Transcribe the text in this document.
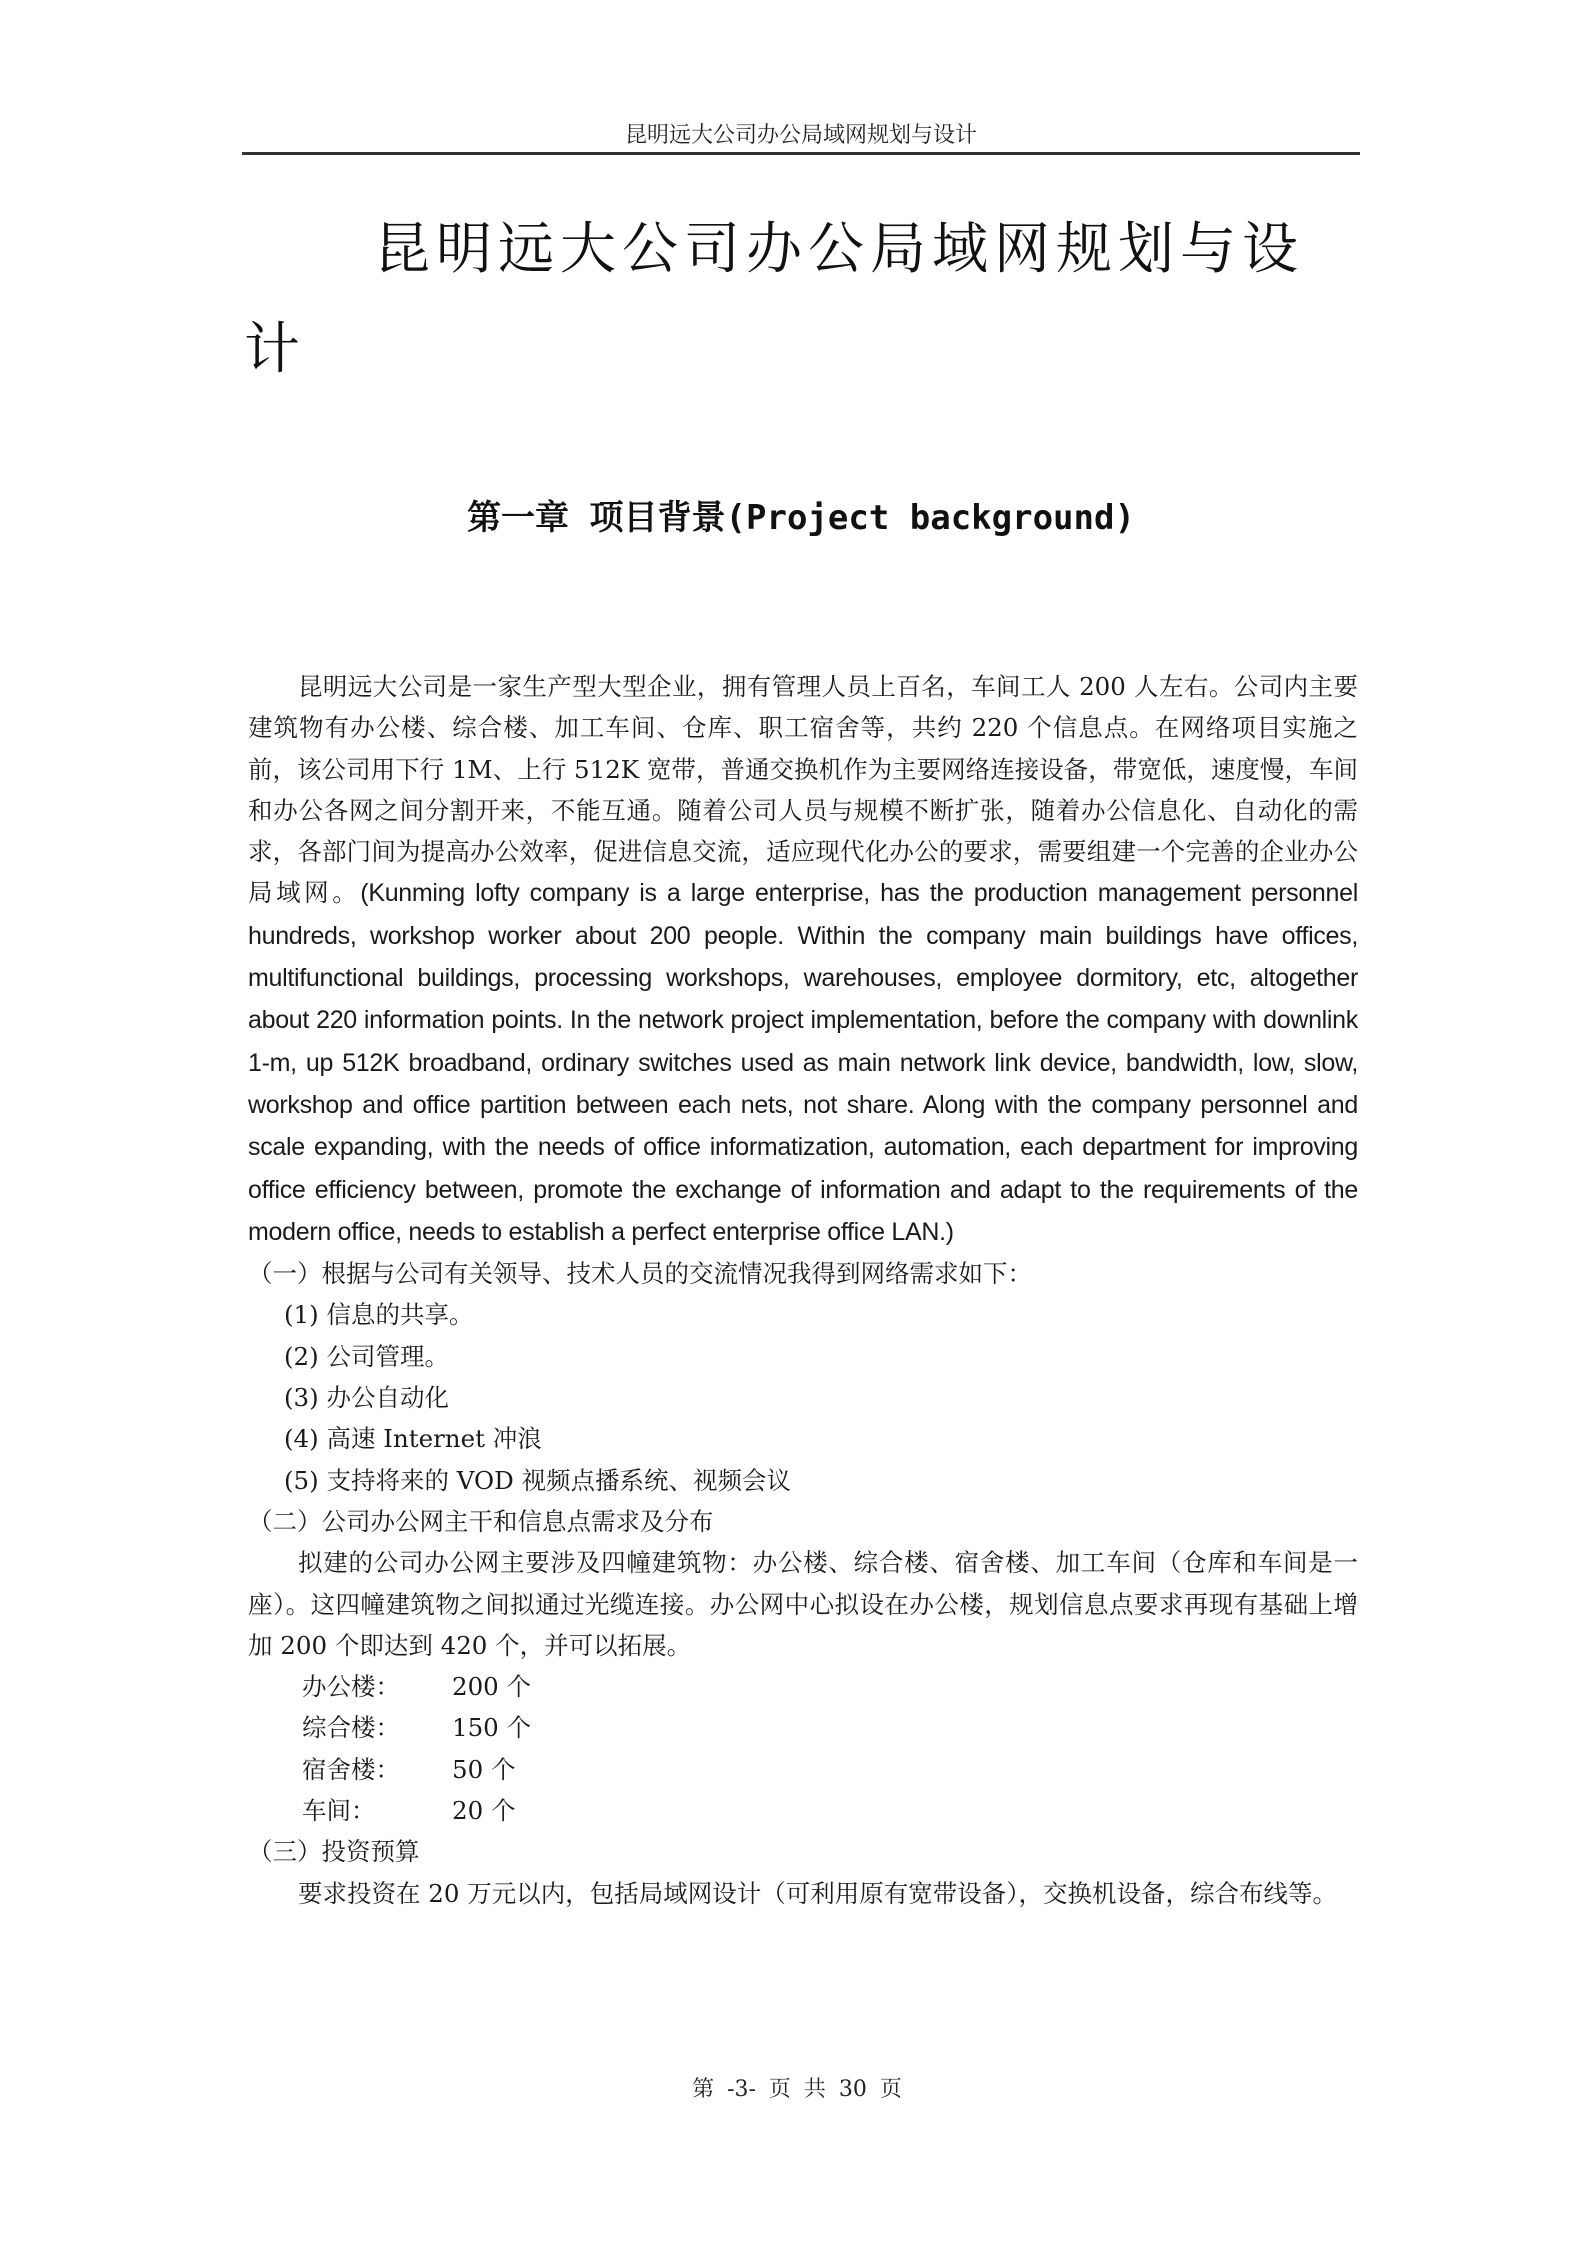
昆明远大公司办公局域网规划与设计
昆明远大公司办公局域网规划与设计
第一章 项目背景(Project background)

昆明远大公司是一家生产型大型企业，拥有管理人员上百名，车间工人 200 人左右。公司内主要建筑物有办公楼、综合楼、加工车间、仓库、职工宿舍等，共约 220 个信息点。在网络项目实施之前，该公司用下行 1M、上行 512K 宽带，普通交换机作为主要网络连接设备，带宽低，速度慢，车间和办公各网之间分割开来，不能互通。随着公司人员与规模不断扩张，随着办公信息化、自动化的需求，各部门间为提高办公效率，促进信息交流，适应现代化办公的要求，需要组建一个完善的企业办公局域网。(Kunming lofty company is a large enterprise, has the production management personnel hundreds, workshop worker about 200 people. Within the company main buildings have offices, multifunctional buildings, processing workshops, warehouses, employee dormitory, etc, altogether about 220 information points. In the network project implementation, before the company with downlink 1-m, up 512K broadband, ordinary switches used as main network link device, bandwidth, low, slow, workshop and office partition between each nets, not share. Along with the company personnel and scale expanding, with the needs of office informatization, automation, each department for improving office efficiency between, promote the exchange of information and adapt to the requirements of the modern office, needs to establish a perfect enterprise office LAN.)

（一）根据与公司有关领导、技术人员的交流情况我得到网络需求如下：

(1) 信息的共享。

(2) 公司管理。

(3) 办公自动化

(4) 高速 Internet 冲浪

(5) 支持将来的 VOD 视频点播系统、视频会议

（二）公司办公网主干和信息点需求及分布

拟建的公司办公网主要涉及四幢建筑物：办公楼、综合楼、宿舍楼、加工车间（仓库和车间是一座）。这四幢建筑物之间拟通过光缆连接。办公网中心拟设在办公楼，规划信息点要求再现有基础上增加 200 个即达到 420 个，并可以拓展。

办公楼：	200 个
综合楼：	150 个
宿舍楼：	50 个
车间：	20 个

（三）投资预算

要求投资在 20 万元以内，包括局域网设计（可利用原有宽带设备），交换机设备，综合布线等。

第 -3- 页 共 30 页
